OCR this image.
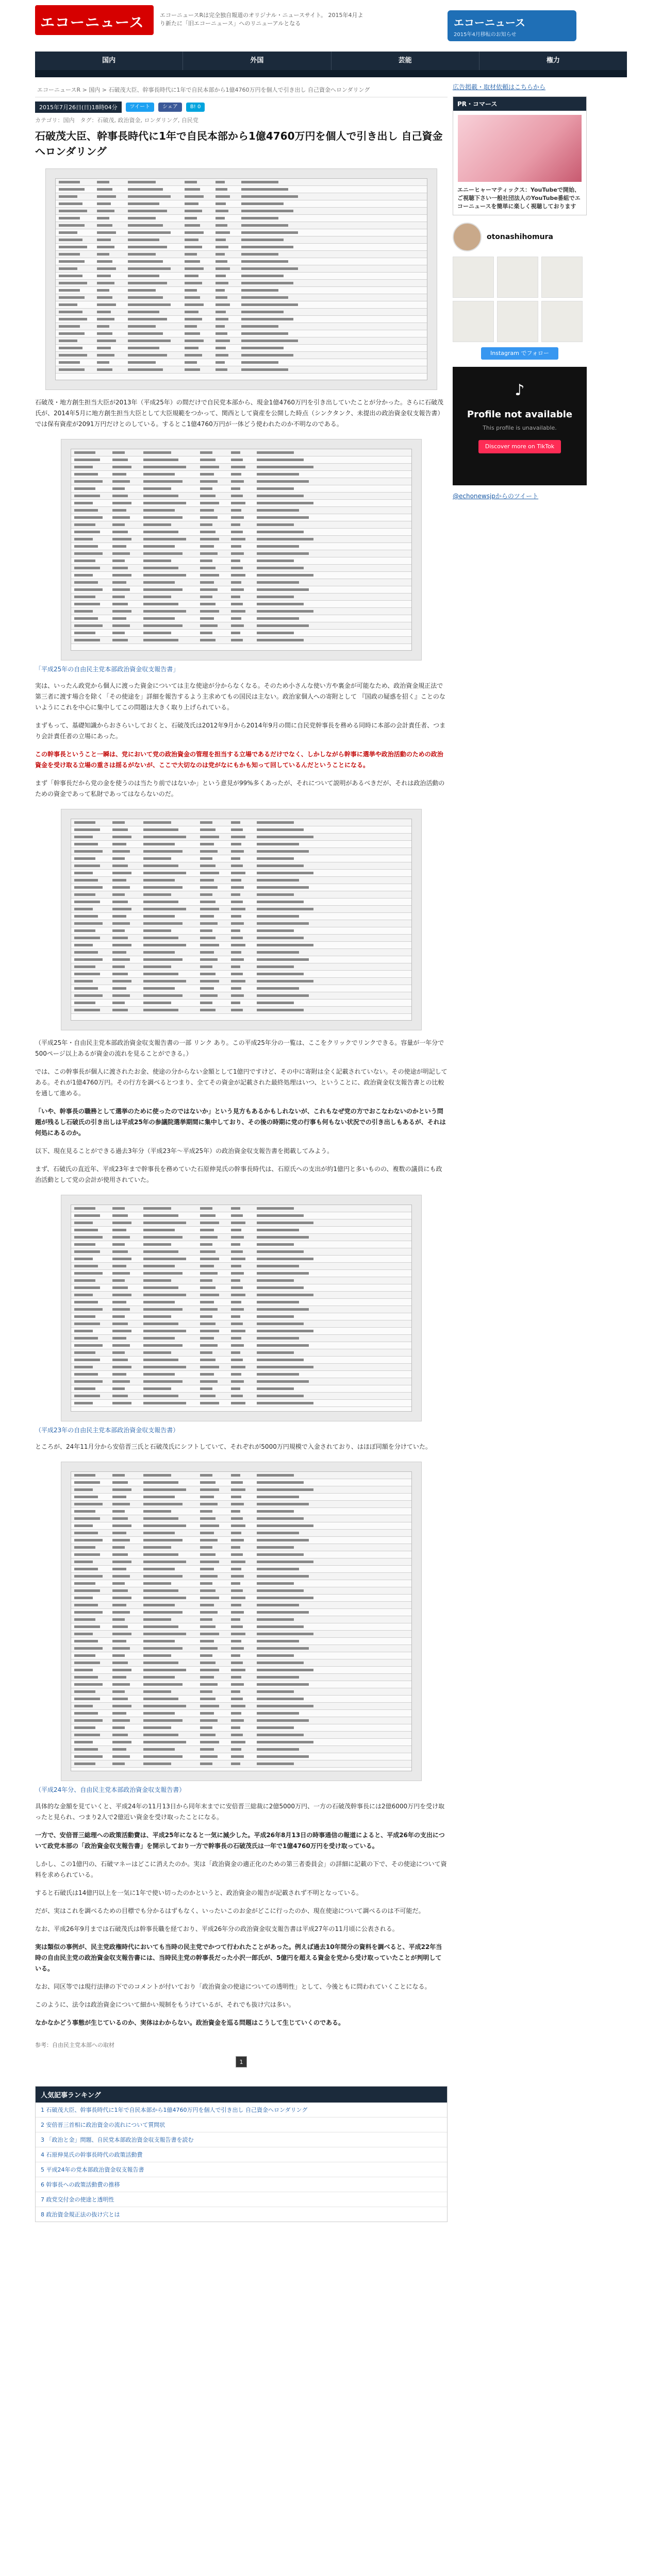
エコーニュース	エコーニュースRは完全独自報道のオリジナル・ニュースサイト。 2015年4月より新たに「旧エコーニュース」へのリニューアルとなる	エコーニュース
2015年4月移転のお知らせ
国内	外国	芸能	権力
エコーニュースR > 国内 > 石破茂大臣、幹事長時代に1年で自民本部から1億4760万円を個人で引き出し 自己資金へロンダリング
2015年7月26日(日)18時04分	ツイート	シェア	B! 0
カテゴリ：国内　タグ：石破茂, 政治資金, ロンダリング, 自民党
石破茂大臣、幹事長時代に1年で自民本部から1億4760万円を個人で引き出し 自己資金へロンダリング

石破茂・地方創生担当大臣が2013年（平成25年）の間だけで自民党本部から、現金1億4760万円を引き出していたことが分かった。さらに石破茂氏が、2014年5月に地方創生担当大臣として大臣規範をつかって、関西として資産を公開した時点（シンクタンク、未提出の政治資金収支報告書）では保有資産が2091万円だけとのしている。するとこ1億4760万円が一体どう使われたのか不明なのである。

「平成25年の自由民主党本部政治資金収支報告書」

実は、いったん政党から個人に渡った資金については主な使途が分からなくなる。そのため小さんな使い方や裏金が可能なため、政治資金規正法で第三者に渡す場合を除く「その使途を」詳細を報告するよう主求めてもの国民は主ない。政治家個人への寄附として 『国政の疑惑を招く』ことのないようにこれを中心に集中してこの問題は大きく取り上げられている。

まずもって、基礎知識からおさらいしておくと、石破茂氏は2012年9月から2014年9月の間に自民党幹事長を務める同時に本部の会計責任者、つまり会計責任者の立場にあった。

この幹事長ということ一瞬は、党において党の政治資金の管理を担当する立場であるだけでなく、しかしながら幹事に選挙や政治活動のための政治資金を受け取る立場の重さは揺るがないが、ここで大切なのは党がなにもかも知って回しているんだということになる。

まず「幹事長だから党の金を使うのは当たり前ではないか」という意見が99%多くあったが、それについて説明があるべきだが、それは政治活動のための資金であって私財であってはならないのだ。

（平成25年・自由民主党本部政治資金収支報告書の一部 リンク あり。この平成25年分の一覧は、ここをクリックでリンクできる。容量が一年分で500ページ以上あるが資金の流れを見ることができる。）

では、この幹事長が個人に渡されたお金、使途の分からない金額として1億円ですけど、その中に寄附は全く記載されていない。その使途が明記してある。それが1億4760万円。その行方を調べるとつまり、全てその資金が記載された最終処理はいつ、ということに、政治資金収支報告書との比較を通して進める。

「いや、幹事長の職務として選挙のために使ったのではないか」という見方もあるかもしれないが、これもなぜ党の方でおこなわないのかという問題が残るし石破氏の引き出しは平成25年の参議院選挙期間に集中しており、その後の時期に党の行事も何もない状況での引き出しもあるが、それは何処にあるのか。

以下、現在見ることができる過去3年分（平成23年〜平成25年）の政治資金収支報告書を掲載してみよう。

まず、石破氏の直近年、平成23年まで幹事長を務めていた石原伸晃氏の幹事長時代は、石原氏への支出が約1億円と多いものの、複数の議員にも政治活動として党の会計が使用されていた。

（平成23年の自由民主党本部政治資金収支報告書）

ところが、24年11月分から安倍晋三氏と石破茂氏にシフトしていて、それぞれが5000万円規模で入金されており、はほぼ同額を分けていた。

（平成24年分、自由民主党本部政治資金収支報告書）

具体的な金額を見ていくと、平成24年の11月13日から同年末までに安倍晋三総裁に2億5000万円、一方の石破茂幹事長には2億6000万円を受け取ったと見られ、つまり2人で2億近い資金を受け取ったことになる。

一方で、安倍晋三総理への政策活動費は、平成25年になると一気に減少した。平成26年8月13日の時事通信の報道によると、平成26年の支出について政党本部の「政治資金収支報告書」を開示しており一方で幹事長の石破茂氏は一年で1億4760万円を受け取っている。

しかし、この1億円の、石破マネーはどこに消えたのか。実は「政治資金の適正化のための第三者委員会」の詳細に記載の下で、その使途について資料を求められている。

すると石破氏は14億円以上を一気に1年で使い切ったのかというと、政治資金の報告が記載されず不明となっている。

だが、実はこれを調べるための目標でも分かるはずもなく、いったいこのお金がどこに行ったのか、現在使途について調べるのは不可能だ。

なお、平成26年9月までは石破茂氏は幹事長職を経ており、平成26年分の政治資金収支報告書は平成27年の11月頃に公表される。

実は類似の事例が、民主党政権時代においても当時の民主党でかつて行われたことがあった。例えば過去10年間分の資料を調べると、平成22年当時の自由民主党の政治資金収支報告書には、当時民主党の幹事長だった小沢一郎氏が、5億円を超える資金を党から受け取っていたことが判明している。

なお、同区等では現行法律の下でのコメントが付いており「政治資金の使途についての透明性」として、今後ともに問われていくことになる。

このように、法令は政治資金について細かい規制をもうけているが、それでも抜け穴は多い。

なかなかどう事態が生じているのか、実体はわからない。政治資金を巡る問題はこうして生じていくのである。

参考：自由民主党本部への取材
1
人気記事ランキング
1 石破茂大臣、幹事長時代に1年で自民本部から1億4760万円を個人で引き出し 自己資金へロンダリング
2 安倍晋三首相に政治資金の流れについて質問状
3 「政治と金」問題、自民党本部政治資金収支報告書を読む
4 石原伸晃氏の幹事長時代の政策活動費
5 平成24年の党本部政治資金収支報告書
6 幹事長への政策活動費の推移
7 政党交付金の使途と透明性
8 政治資金規正法の抜け穴とは
広告掲載・取材依頼はこちらから
PR・コマース
エニーヒャーマティックス：YouTubeで開始、ご視聴下さい一般社団法人のYouTube番組でエコーニュースを簡単に楽しく視聴しております
otonashihomura
Instagram でフォロー
♪
Profile not available
This profile is unavailable.
Discover more on TikTok
@echonewsjpからのツイート
